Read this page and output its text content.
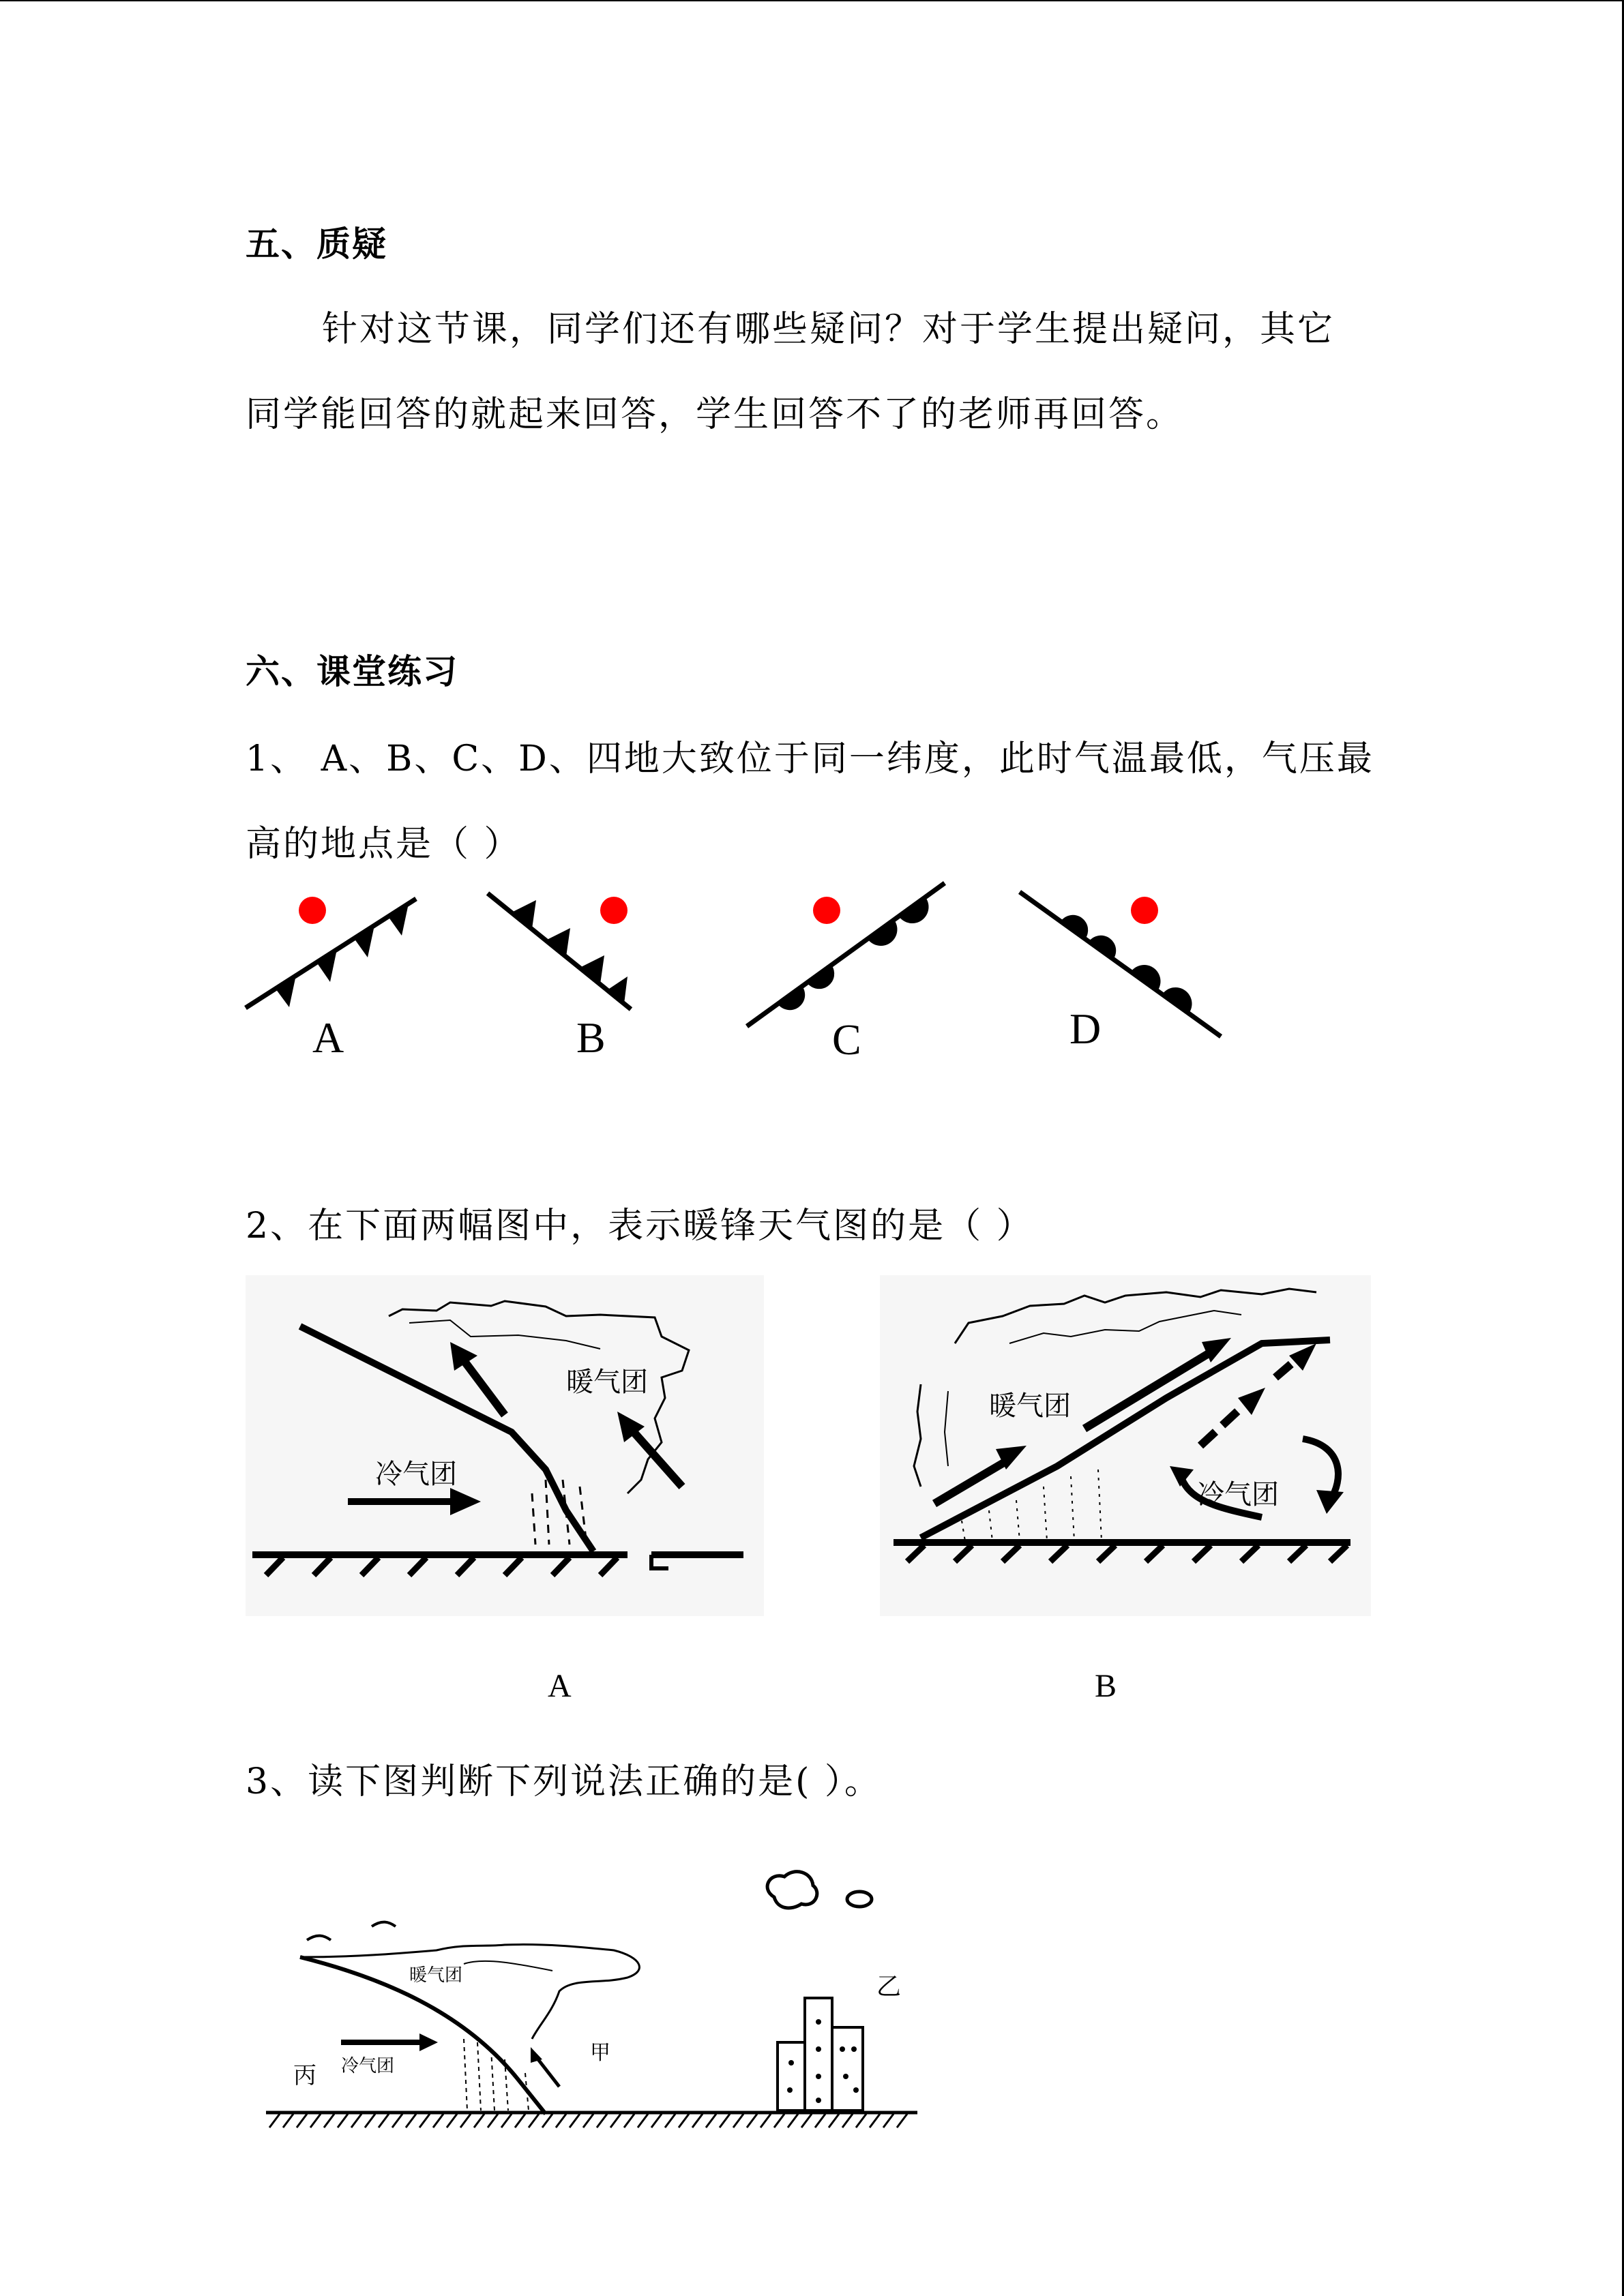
五、质疑
针对这节课，同学们还有哪些疑问？对于学生提出疑问，其它
同学能回答的就起来回答，学生回答不了的老师再回答。
六、课堂练习
1、 A、B、C、D、四地大致位于同一纬度，此时气温最低，气压最
高的地点是（ ）
A	B	C	D
2、在下面两幅图中，表示暖锋天气图的是（ ）
暖气团
冷气团
A
暖气团
冷气团
B
3、读下图判断下列说法正确的是( ）。
暖气团
冷气团
甲
丙
乙
